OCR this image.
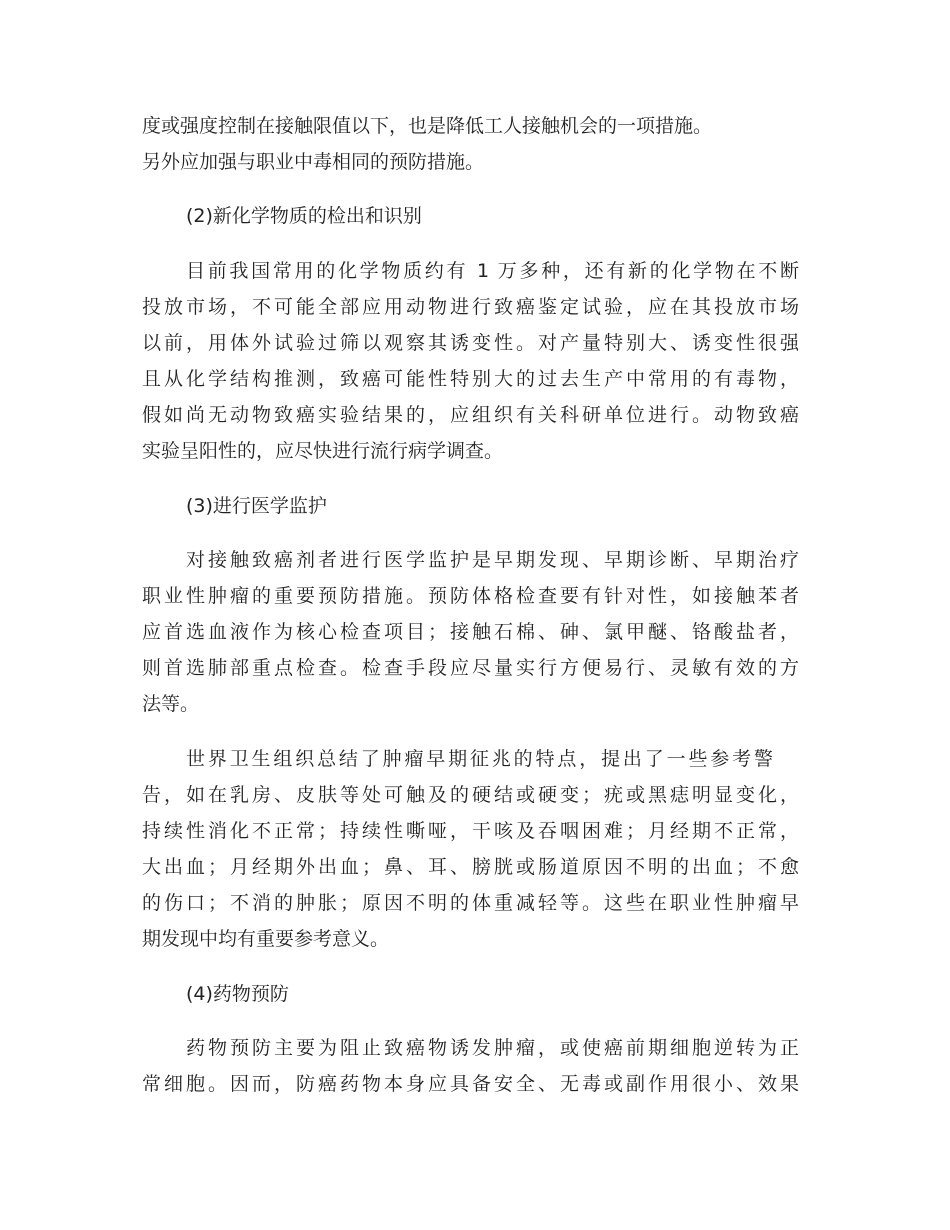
度或强度控制在接触限值以下，也是降低工人接触机会的一项措施。
另外应加强与职业中毒相同的预防措施。
(2)新化学物质的检出和识别
目前我国常用的化学物质约有 1 万多种，还有新的化学物在不断
投放市场，不可能全部应用动物进行致癌鉴定试验，应在其投放市场
以前，用体外试验过筛以观察其诱变性。对产量特别大、诱变性很强
且从化学结构推测，致癌可能性特别大的过去生产中常用的有毒物，
假如尚无动物致癌实验结果的，应组织有关科研单位进行。动物致癌
实验呈阳性的，应尽快进行流行病学调查。
(3)进行医学监护
对接触致癌剂者进行医学监护是早期发现、早期诊断、早期治疗
职业性肿瘤的重要预防措施。预防体格检查要有针对性，如接触苯者
应首选血液作为核心检查项目；接触石棉、砷、氯甲醚、铬酸盐者，
则首选肺部重点检查。检查手段应尽量实行方便易行、灵敏有效的方
法等。
世界卫生组织总结了肿瘤早期征兆的特点，提出了一些参考警
告，如在乳房、皮肤等处可触及的硬结或硬变；疣或黑痣明显变化，
持续性消化不正常；持续性嘶哑，干咳及吞咽困难；月经期不正常，
大出血；月经期外出血；鼻、耳、膀胱或肠道原因不明的出血；不愈
的伤口；不消的肿胀；原因不明的体重减轻等。这些在职业性肿瘤早
期发现中均有重要参考意义。
(4)药物预防
药物预防主要为阻止致癌物诱发肿瘤，或使癌前期细胞逆转为正
常细胞。因而，防癌药物本身应具备安全、无毒或副作用很小、效果
